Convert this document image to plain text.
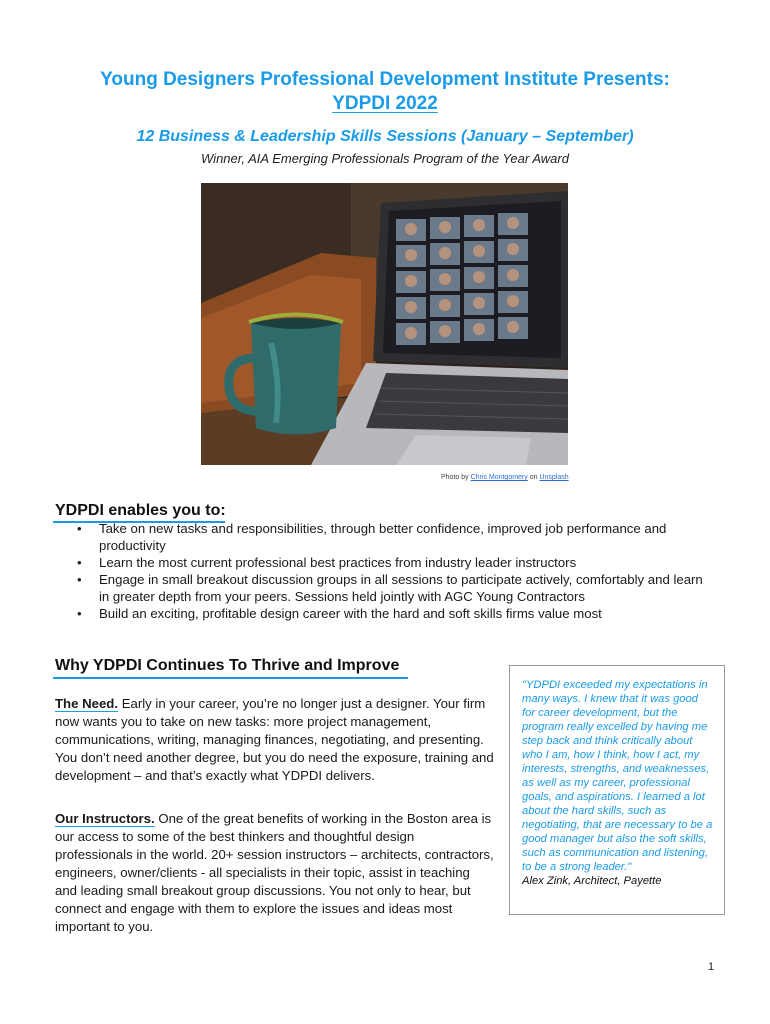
Young Designers Professional Development Institute Presents:
YDPDI 2022
12 Business & Leadership Skills Sessions (January – September)
Winner, AIA Emerging Professionals Program of the Year Award
Photo by Chris Montgomery on Unsplash
YDPDI enables you to:
• Take on new tasks and responsibilities, through better confidence, improved job performance and productivity
• Learn the most current professional best practices from industry leader instructors
• Engage in small breakout discussion groups in all sessions to participate actively, comfortably and learn in greater depth from your peers. Sessions held jointly with AGC Young Contractors
• Build an exciting, profitable design career with the hard and soft skills firms value most
Why YDPDI Continues To Thrive and Improve
The Need. Early in your career, you’re no longer just a designer. Your firm now wants you to take on new tasks: more project management, communications, writing, managing finances, negotiating, and presenting. You don’t need another degree, but you do need the exposure, training and development – and that’s exactly what YDPDI delivers.
Our Instructors. One of the great benefits of working in the Boston area is our access to some of the best thinkers and thoughtful design professionals in the world. 20+ session instructors – architects, contractors, engineers, owner/clients - all specialists in their topic, assist in teaching and leading small breakout group discussions. You not only to hear, but connect and engage with them to explore the issues and ideas most important to you.
"YDPDI exceeded my expectations in many ways. I knew that it was good for career development, but the program really excelled by having me step back and think critically about who I am, how I think, how I act, my interests, strengths, and weaknesses, as well as my career, professional goals, and aspirations. I learned a lot about the hard skills, such as negotiating, that are necessary to be a good manager but also the soft skills, such as communication and listening, to be a strong leader."
Alex Zink, Architect, Payette
1
